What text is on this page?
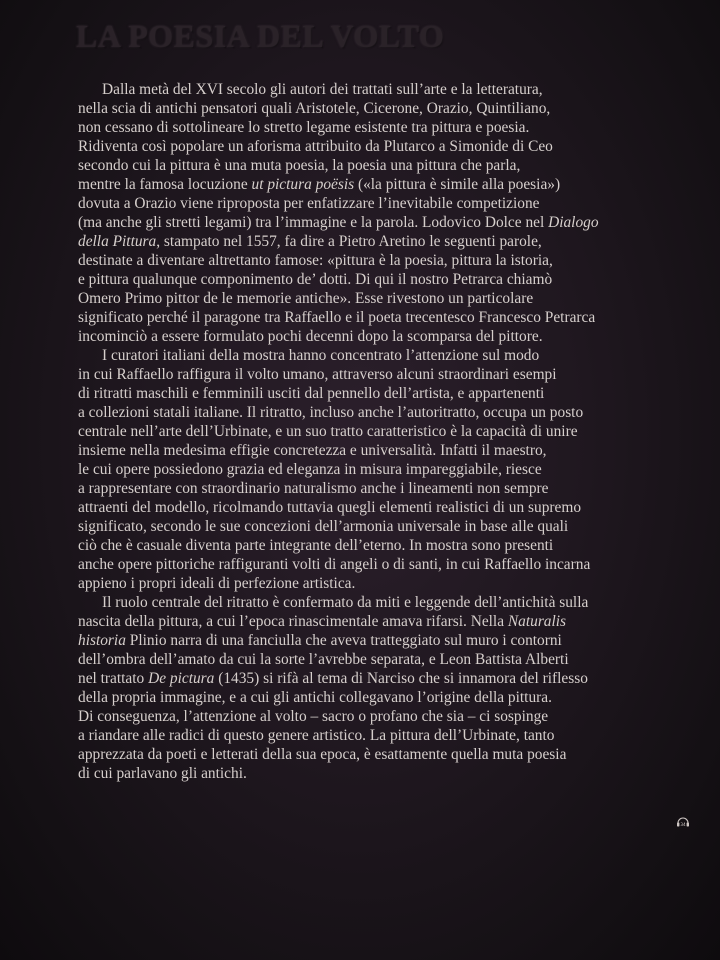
LA POESIA DEL VOLTO
Dalla metà del XVI secolo gli autori dei trattati sull’arte e la letteratura,
nella scia di antichi pensatori quali Aristotele, Cicerone, Orazio, Quintiliano,
non cessano di sottolineare lo stretto legame esistente tra pittura e poesia.
Ridiventa così popolare un aforisma attribuito da Plutarco a Simonide di Ceo
secondo cui la pittura è una muta poesia, la poesia una pittura che parla,
mentre la famosa locuzione ut pictura poësis («la pittura è simile alla poesia»)
dovuta a Orazio viene riproposta per enfatizzare l’inevitabile competizione
(ma anche gli stretti legami) tra l’immagine e la parola. Lodovico Dolce nel Dialogo
della Pittura, stampato nel 1557, fa dire a Pietro Aretino le seguenti parole,
destinate a diventare altrettanto famose: «pittura è la poesia, pittura la istoria,
e pittura qualunque componimento de’ dotti. Di qui il nostro Petrarca chiamò
Omero Primo pittor de le memorie antiche». Esse rivestono un particolare
significato perché il paragone tra Raffaello e il poeta trecentesco Francesco Petrarca
incominciò a essere formulato pochi decenni dopo la scomparsa del pittore.
I curatori italiani della mostra hanno concentrato l’attenzione sul modo
in cui Raffaello raffigura il volto umano, attraverso alcuni straordinari esempi
di ritratti maschili e femminili usciti dal pennello dell’artista, e appartenenti
a collezioni statali italiane. Il ritratto, incluso anche l’autoritratto, occupa un posto
centrale nell’arte dell’Urbinate, e un suo tratto caratteristico è la capacità di unire
insieme nella medesima effigie concretezza e universalità. Infatti il maestro,
le cui opere possiedono grazia ed eleganza in misura impareggiabile, riesce
a rappresentare con straordinario naturalismo anche i lineamenti non sempre
attraenti del modello, ricolmando tuttavia quegli elementi realistici di un supremo
significato, secondo le sue concezioni dell’armonia universale in base alle quali
ciò che è casuale diventa parte integrante dell’eterno. In mostra sono presenti
anche opere pittoriche raffiguranti volti di angeli o di santi, in cui Raffaello incarna
appieno i propri ideali di perfezione artistica.
Il ruolo centrale del ritratto è confermato da miti e leggende dell’antichità sulla
nascita della pittura, a cui l’epoca rinascimentale amava rifarsi. Nella Naturalis
historia Plinio narra di una fanciulla che aveva tratteggiato sul muro i contorni
dell’ombra dell’amato da cui la sorte l’avrebbe separata, e Leon Battista Alberti
nel trattato De pictura (1435) si rifà al tema di Narciso che si innamora del riflesso
della propria immagine, e a cui gli antichi collegavano l’origine della pittura.
Di conseguenza, l’attenzione al volto – sacro o profano che sia – ci sospinge
a riandare alle radici di questo genere artistico. La pittura dell’Urbinate, tanto
apprezzata da poeti e letterati della sua epoca, è esattamente quella muta poesia
di cui parlavano gli antichi.
34
